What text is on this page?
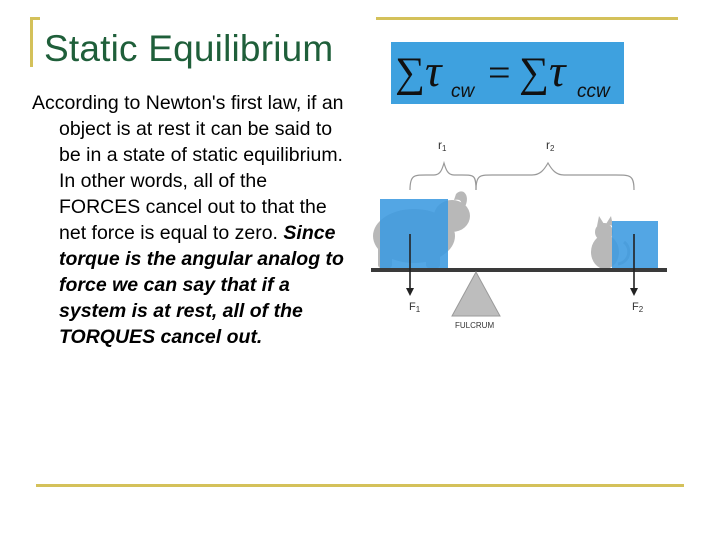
Static Equilibrium

According to Newton's first law, if an object is at rest it can be said to be in a state of static equilibrium. In other words, all of the FORCES cancel out to that the net force is equal to zero. Since torque is the angular analog to force we can say that if a system is at rest, all of the TORQUES cancel out.

∑ τ cw = ∑ τ ccw
r1	r2
FULCRUM
F1	F2
